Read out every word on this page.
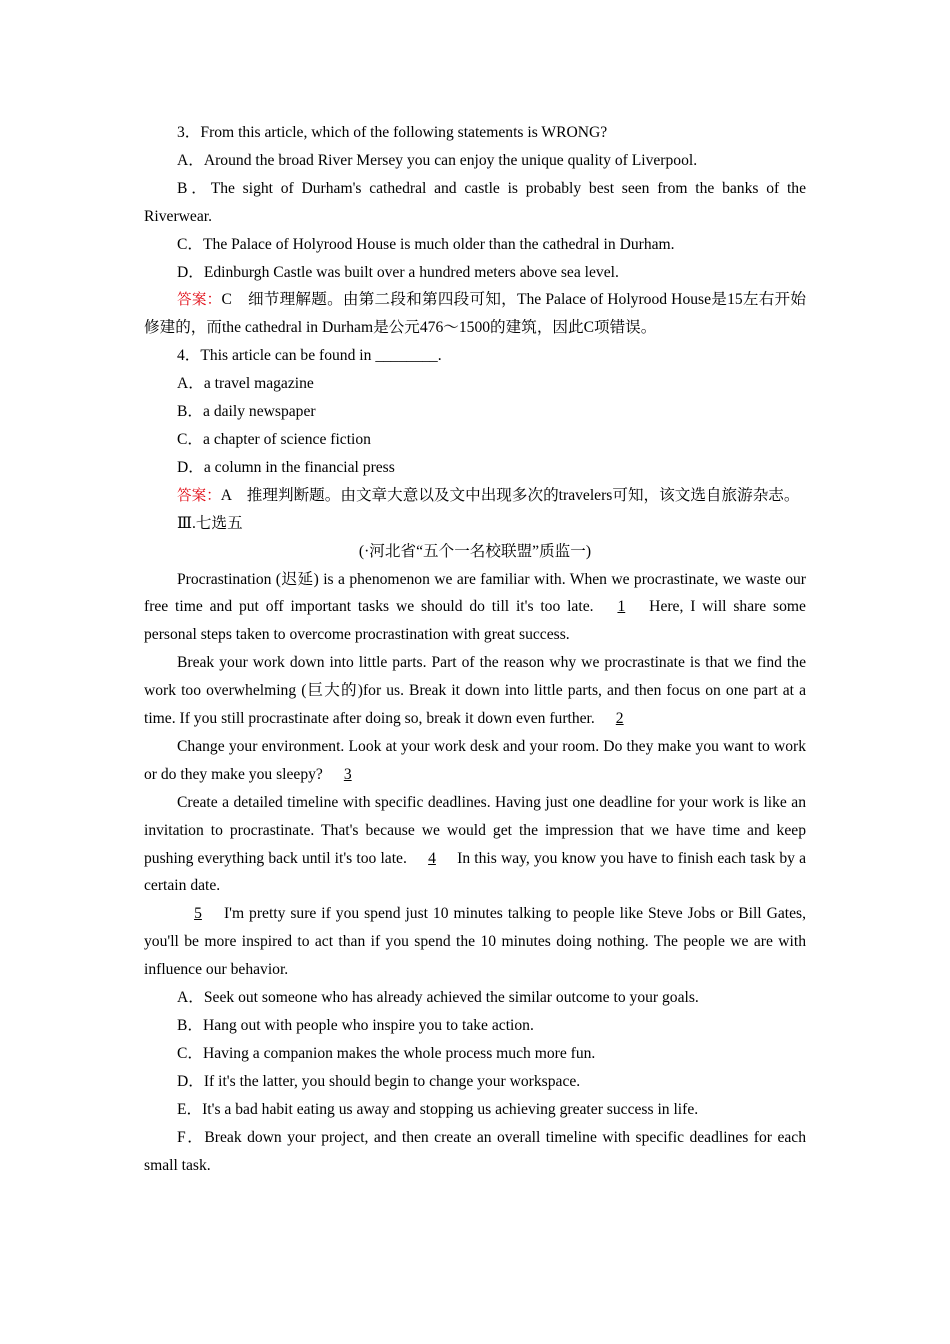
3．From this article, which of the following statements is WRONG?

A．Around the broad River Mersey you can enjoy the unique quality of Liverpool.

B．The sight of Durham's cathedral and castle is probably best seen from the banks of the Riverwear.

C．The Palace of Holyrood House is much older than the cathedral in Durham.

D．Edinburgh Castle was built over a hundred meters above sea level.

答案：C　细节理解题。由第二段和第四段可知，The Palace of Holyrood House是15左右开始修建的，而the cathedral in Durham是公元476～1500的建筑，因此C项错误。

4．This article can be found in ________.

A．a travel magazine

B．a daily newspaper

C．a chapter of science fiction

D．a column in the financial press

答案：A　推理判断题。由文章大意以及文中出现多次的travelers可知，该文选自旅游杂志。

Ⅲ.七选五

(·河北省“五个一名校联盟”质监一)

Procrastination (迟延) is a phenomenon we are familiar with. When we procrastinate, we waste our free time and put off important tasks we should do till it's too late. 1 Here, I will share some personal steps taken to overcome procrastination with great success.

Break your work down into little parts. Part of the reason why we procrastinate is that we find the work too overwhelming (巨大的)for us. Break it down into little parts, and then focus on one part at a time. If you still procrastinate after doing so, break it down even further. 2

Change your environment. Look at your work desk and your room. Do they make you want to work or do they make you sleepy? 3

Create a detailed timeline with specific deadlines. Having just one deadline for your work is like an invitation to procrastinate. That's because we would get the impression that we have time and keep pushing everything back until it's too late. 4 In this way, you know you have to finish each task by a certain date.

5 I'm pretty sure if you spend just 10 minutes talking to people like Steve Jobs or Bill Gates, you'll be more inspired to act than if you spend the 10 minutes doing nothing. The people we are with influence our behavior.

A．Seek out someone who has already achieved the similar outcome to your goals.

B．Hang out with people who inspire you to take action.

C．Having a companion makes the whole process much more fun.

D．If it's the latter, you should begin to change your workspace.

E．It's a bad habit eating us away and stopping us achieving greater success in life.

F．Break down your project, and then create an overall timeline with specific deadlines for each small task.
